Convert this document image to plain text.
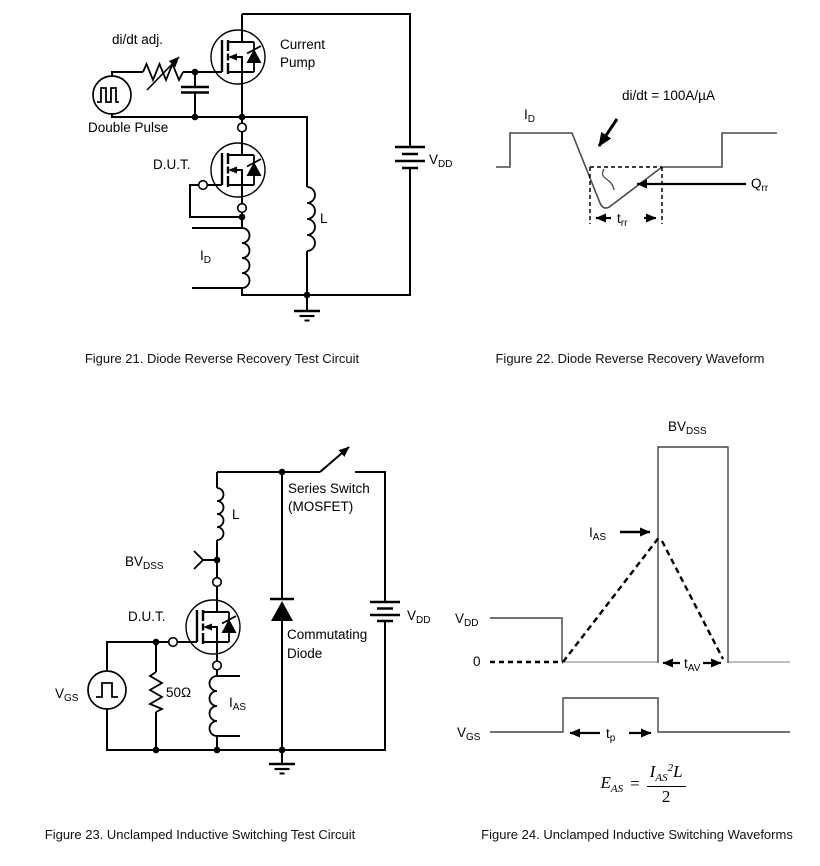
di/dt adj.	Current
Pump
Double Pulse
D.U.T.
$I_D$
L
$V_{DD}$
$I_D$
di/dt = 100A/µA
$Q_{rr}$
$t_{rr}$
Series Switch
(MOSFET)
L
$BV_{DSS}$
D.U.T.
Commutating
Diode
$V_{GS}$	50Ω
$I_{AS}$
$V_{DD}$
$BV_{DSS}$
$I_{AS}$
$V_{DD}$
0	$t_{AV}$
$V_{GS}$	$t_p$
$E_{AS} = \frac{I_{AS}^2L}{2}$
Figure 21. Diode Reverse Recovery Test Circuit	Figure 22. Diode Reverse Recovery Waveform
Figure 23. Unclamped Inductive Switching Test Circuit	Figure 24. Unclamped Inductive Switching Waveforms
